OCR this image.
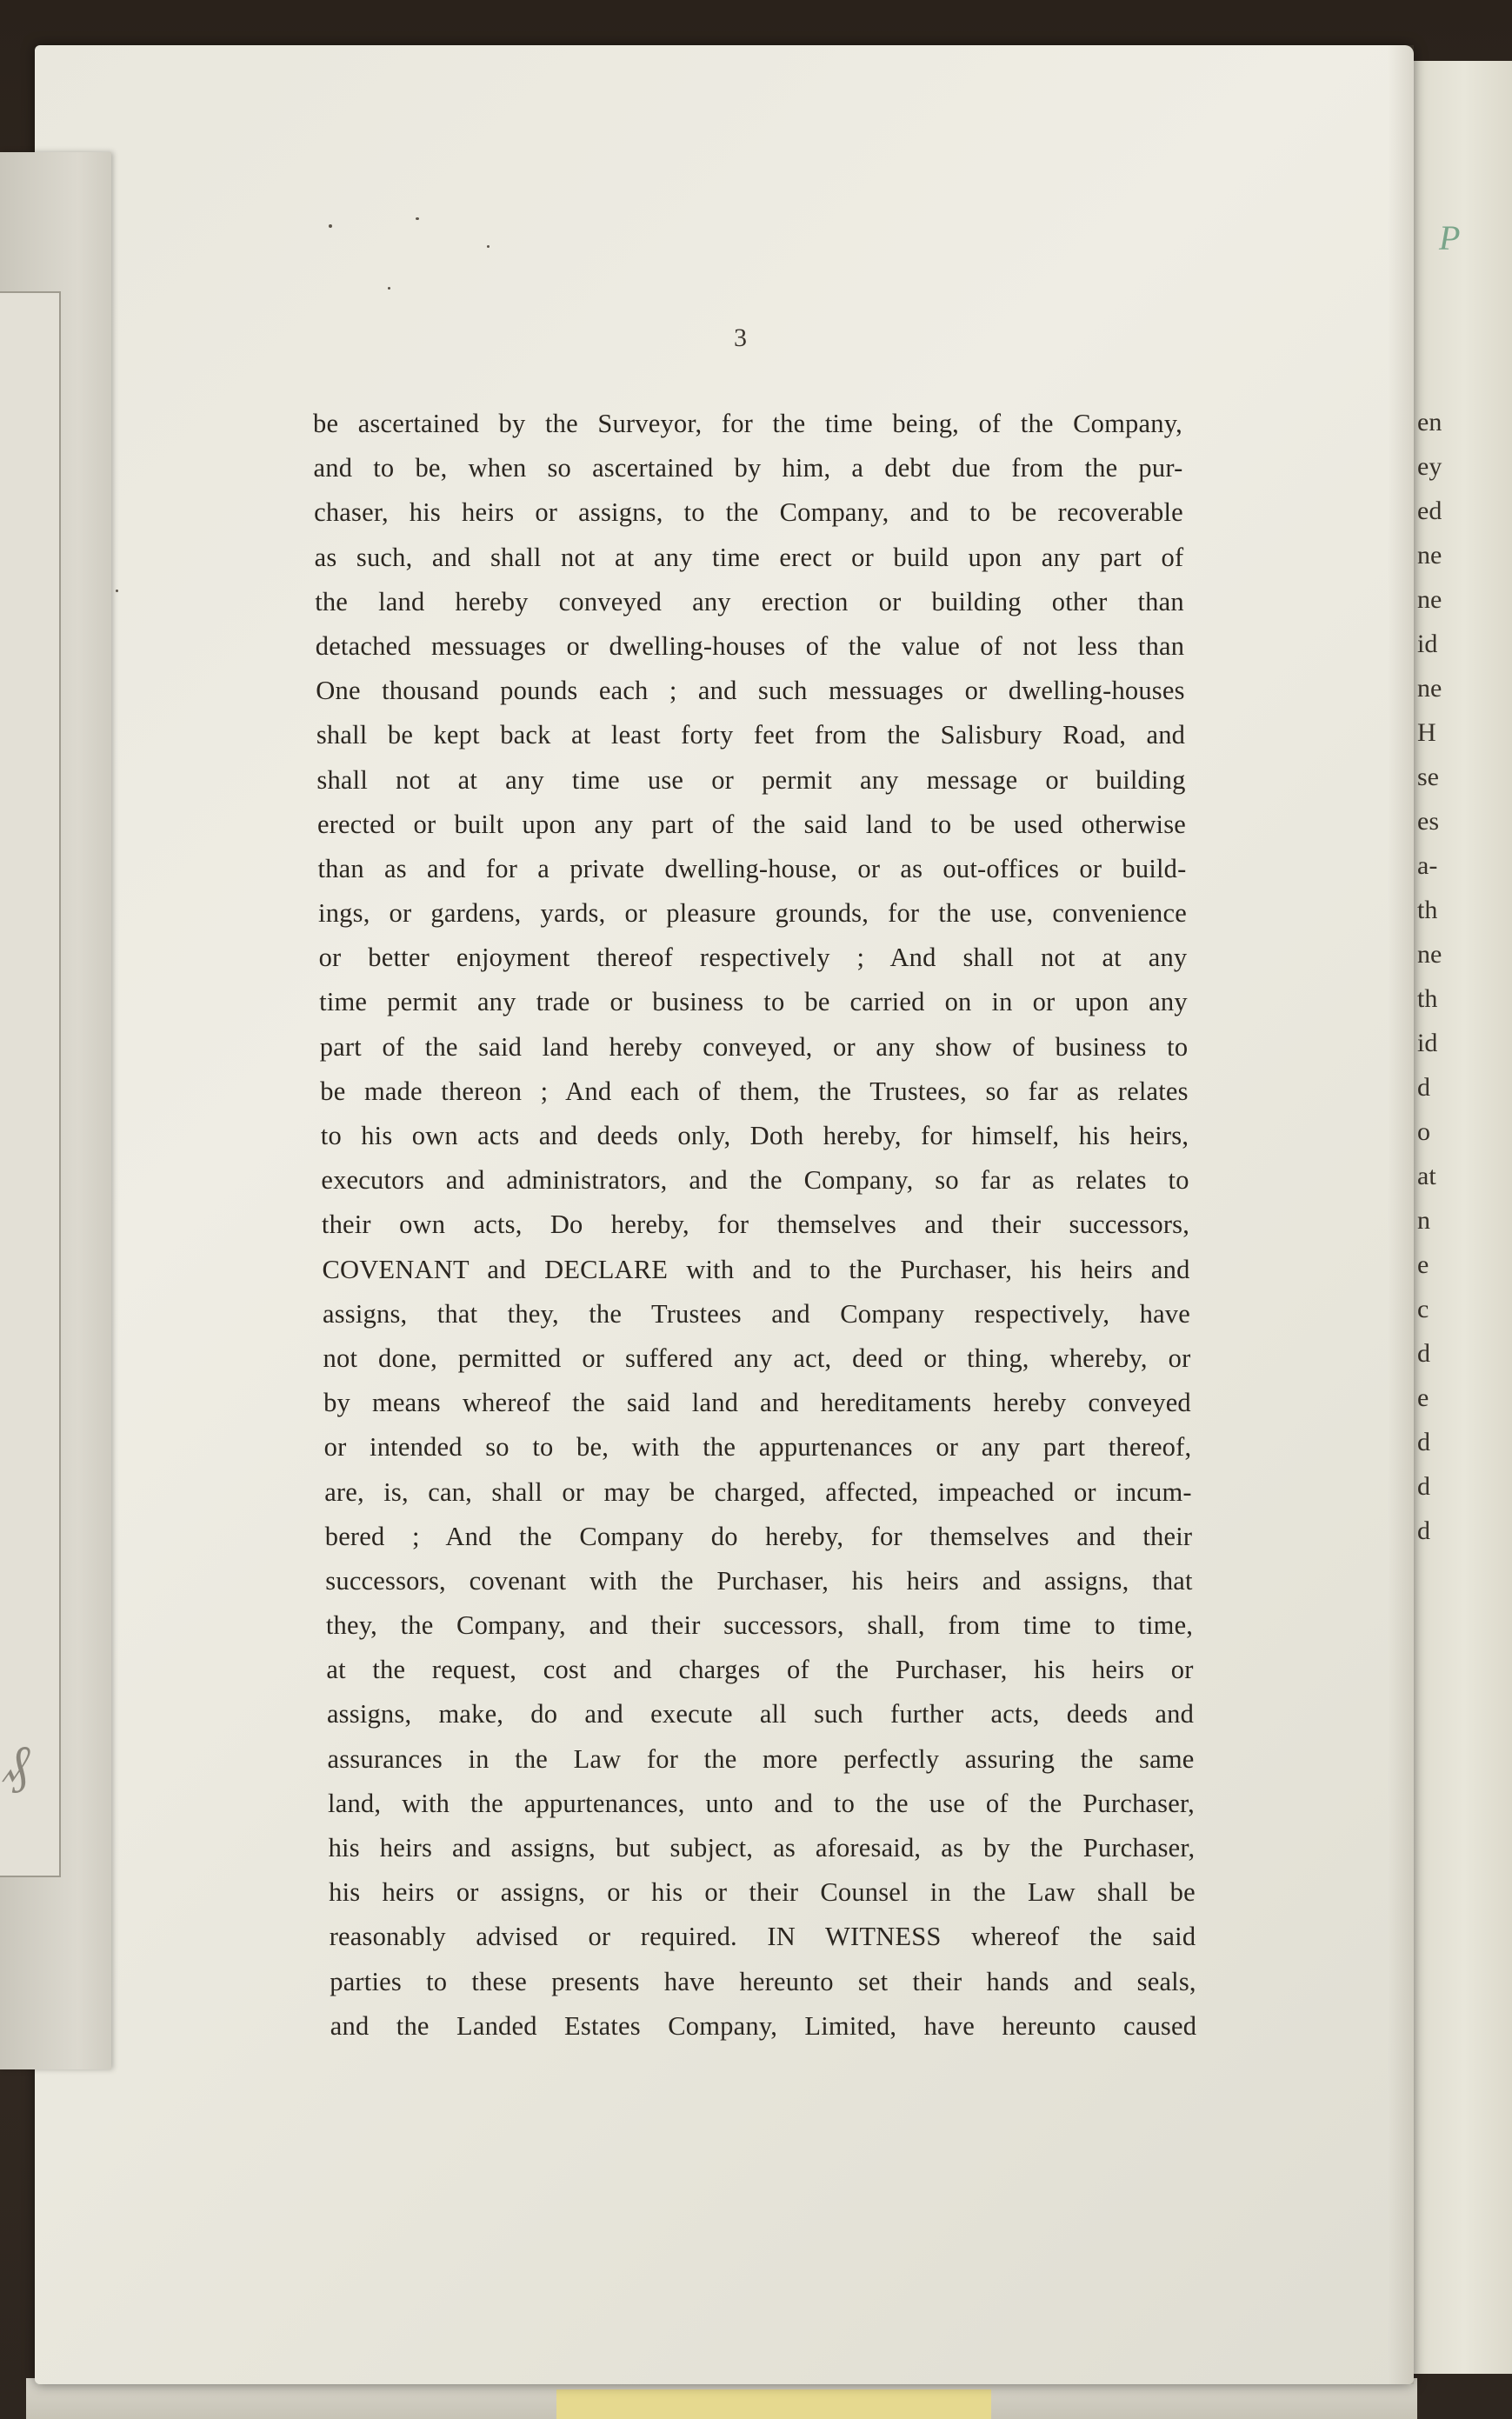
P
en
ey
ed
ne
ne
id
ne
H
se
es
a-
th
ne
th
id
d
o
at
n
e
c
d
e
d
d
d
₰
3
be ascertained by the Surveyor, for the time being, of the Company,
and to be, when so ascertained by him, a debt due from the pur-
chaser, his heirs or assigns, to the Company, and to be recoverable
as such, and shall not at any time erect or build upon any part of
the land hereby conveyed any erection or building other than
detached messuages or dwelling-houses of the value of not less than
One thousand pounds each ; and such messuages or dwelling-houses
shall be kept back at least forty feet from the Salisbury Road, and
shall not at any time use or permit any message or building
erected or built upon any part of the said land to be used otherwise
than as and for a private dwelling-house, or as out-offices or build-
ings, or gardens, yards, or pleasure grounds, for the use, convenience
or better enjoyment thereof respectively ; And shall not at any
time permit any trade or business to be carried on in or upon any
part of the said land hereby conveyed, or any show of business to
be made thereon ; And each of them, the Trustees, so far as relates
to his own acts and deeds only, Doth hereby, for himself, his heirs,
executors and administrators, and the Company, so far as relates to
their own acts, Do hereby, for themselves and their successors,
COVENANT and DECLARE with and to the Purchaser, his heirs and
assigns, that they, the Trustees and Company respectively, have
not done, permitted or suffered any act, deed or thing, whereby, or
by means whereof the said land and hereditaments hereby conveyed
or intended so to be, with the appurtenances or any part thereof,
are, is, can, shall or may be charged, affected, impeached or incum-
bered ; And the Company do hereby, for themselves and their
successors, covenant with the Purchaser, his heirs and assigns, that
they, the Company, and their successors, shall, from time to time,
at the request, cost and charges of the Purchaser, his heirs or
assigns, make, do and execute all such further acts, deeds and
assurances in the Law for the more perfectly assuring the same
land, with the appurtenances, unto and to the use of the Purchaser,
his heirs and assigns, but subject, as aforesaid, as by the Purchaser,
his heirs or assigns, or his or their Counsel in the Law shall be
reasonably advised or required. IN WITNESS whereof the said
parties to these presents have hereunto set their hands and seals,
and the Landed Estates Company, Limited, have hereunto caused
